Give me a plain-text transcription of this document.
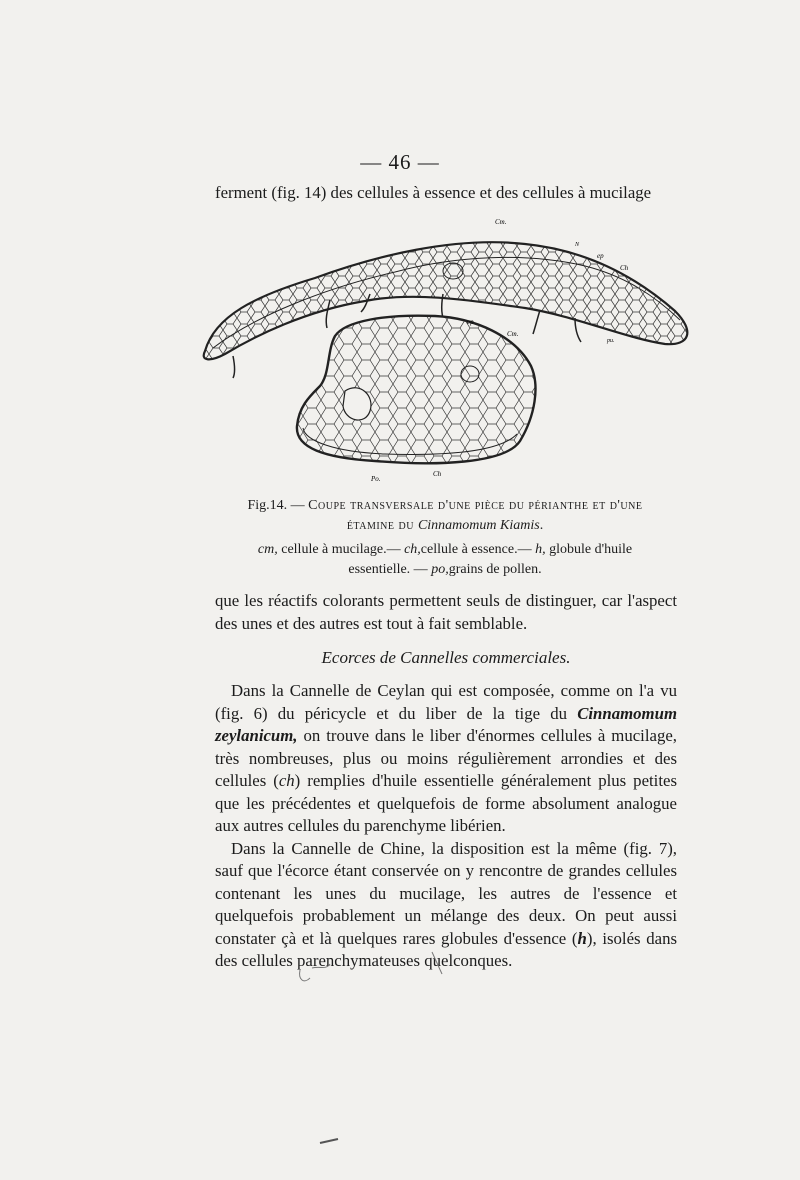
— 46 —

ferment (fig. 14) des cellules à essence et des cellules à mucilage

Cm.
N
ep
Ch
ep
Cm.
pu.
Po.
Ch
Fig.14. — Coupe transversale d'une pièce du périanthe et d'une
étamine du Cinnamomum Kiamis.
cm, cellule à mucilage.— ch,cellule à essence.— h, globule d'huile
essentielle. — po,grains de pollen.

que les réactifs colorants permettent seuls de distinguer, car l'aspect des unes et des autres est tout à fait semblable.

Ecorces de Cannelles commerciales.

Dans la Cannelle de Ceylan qui est composée, comme on l'a vu (fig. 6) du péricycle et du liber de la tige du Cinnamomum zeylanicum, on trouve dans le liber d'énormes cellules à mucilage, très nombreuses, plus ou moins régulièrement arrondies et des cellules (ch) remplies d'huile essentielle généralement plus petites que les précédentes et quelquefois de forme absolument analogue aux autres cellules du parenchyme libérien.

Dans la Cannelle de Chine, la disposition est la même (fig. 7), sauf que l'écorce étant conservée on y rencontre de grandes cellules contenant les unes du mucilage, les autres de l'essence et quelquefois probablement un mélange des deux. On peut aussi constater çà et là quelques rares globules d'essence (h), isolés dans des cellules parenchymateuses quelconques.
